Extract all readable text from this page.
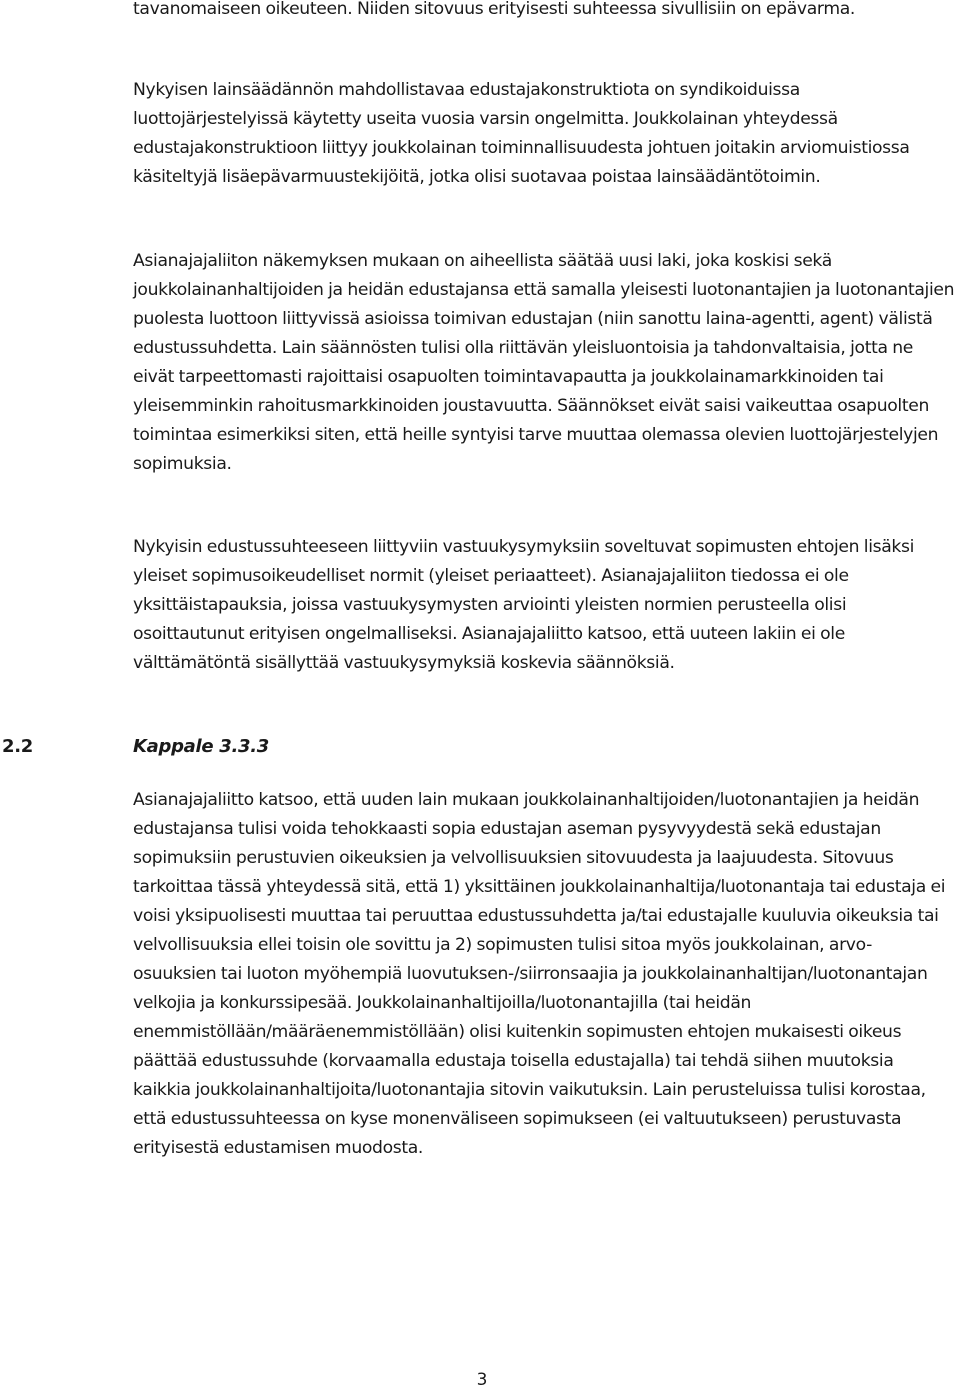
tavanomaiseen oikeuteen. Niiden sitovuus erityisesti suhteessa sivullisiin on epävarma.

Nykyisen lainsäädännön mahdollistavaa edustajakonstruktiota on syndikoiduissa luottojärjestelyissä käytetty useita vuosia varsin ongelmitta. Joukkolainan yhteydessä edustajakonstruktioon liittyy joukkolainan toiminnallisuudesta johtuen joitakin arviomuistiossa käsiteltyjä lisäepävarmuustekijöitä, jotka olisi suotavaa poistaa lainsäädäntötoimin.

Asianajajaliiton näkemyksen mukaan on aiheellista säätää uusi laki, joka koskisi sekä joukkolainanhaltijoiden ja heidän edustajansa että samalla yleisesti luotonantajien ja luotonantajien puolesta luottoon liittyvissä asioissa toimivan edustajan (niin sanottu laina-agentti, agent) välistä edustussuhdetta. Lain säännösten tulisi olla riittävän yleisluontoisia ja tahdonvaltaisia, jotta ne eivät tarpeettomasti rajoittaisi osapuolten toimintavapautta ja joukkolainamarkkinoiden tai yleisemminkin rahoitusmarkkinoiden joustavuutta. Säännökset eivät saisi vaikeuttaa osapuolten toimintaa esimerkiksi siten, että heille syntyisi tarve muuttaa olemassa olevien luottojärjestelyjen sopimuksia.

Nykyisin edustussuhteeseen liittyviin vastuukysymyksiin soveltuvat sopimusten ehtojen lisäksi yleiset sopimusoikeudelliset normit (yleiset periaatteet). Asianajajaliiton tiedossa ei ole yksittäistapauksia, joissa vastuukysymysten arviointi yleisten normien perusteella olisi osoittautunut erityisen ongelmalliseksi. Asianajajaliitto katsoo, että uuteen lakiin ei ole välttämätöntä sisällyttää vastuukysymyksiä koskevia säännöksiä.

2.2	Kappale 3.3.3

Asianajajaliitto katsoo, että uuden lain mukaan joukkolainanhaltijoiden/luotonantajien ja heidän edustajansa tulisi voida tehokkaasti sopia edustajan aseman pysyvyydestä sekä edustajan sopimuksiin perustuvien oikeuksien ja velvollisuuksien sitovuudesta ja laajuudesta. Sitovuus tarkoittaa tässä yhteydessä sitä, että 1) yksittäinen joukkolainanhaltija/luotonantaja tai edustaja ei voisi yksipuolisesti muuttaa tai peruuttaa edustussuhdetta ja/tai edustajalle kuuluvia oikeuksia tai velvollisuuksia ellei toisin ole sovittu ja 2) sopimusten tulisi sitoa myös joukkolainan, arvo-osuuksien tai luoton myöhempiä luovutuksen-/siirronsaajia ja joukkolainanhaltijan/luotonantajan velkojia ja konkurssipesää. Joukkolainanhaltijoilla/luotonantajilla (tai heidän enemmistöllään/määräenemmistöllään) olisi kuitenkin sopimusten ehtojen mukaisesti oikeus päättää edustussuhde (korvaamalla edustaja toisella edustajalla) tai tehdä siihen muutoksia kaikkia joukkolainanhaltijoita/luotonantajia sitovin vaikutuksin. Lain perusteluissa tulisi korostaa, että edustussuhteessa on kyse monenväliseen sopimukseen (ei valtuutukseen) perustuvasta erityisestä edustamisen muodosta.

3
